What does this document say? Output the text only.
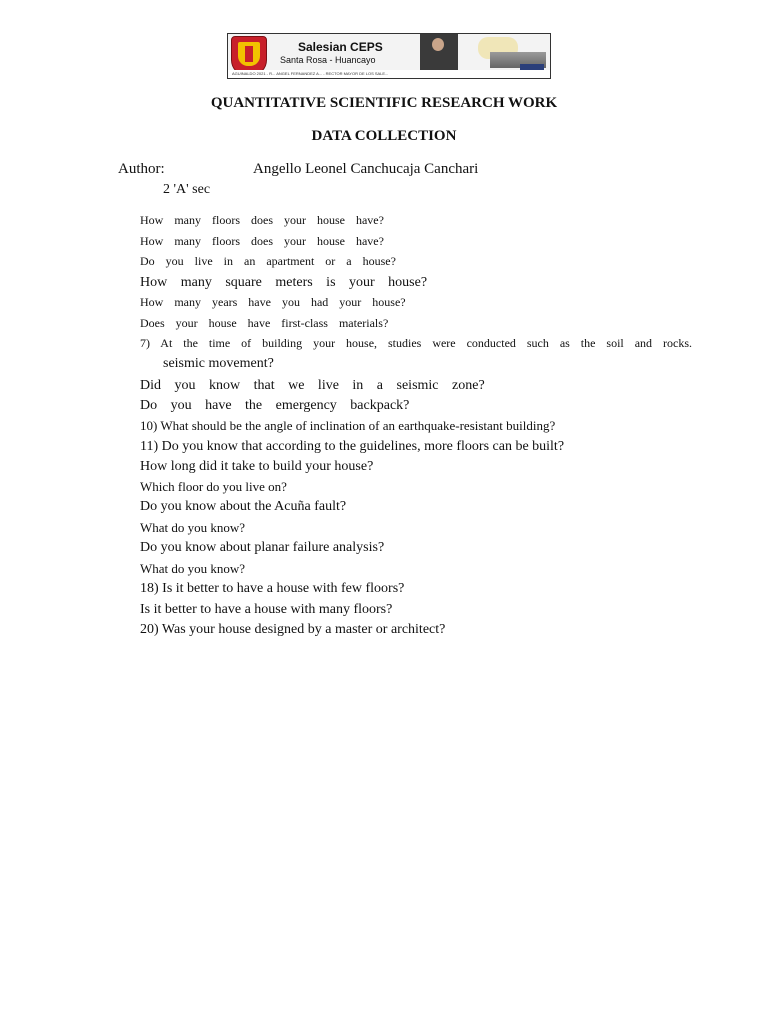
Salesian CEPS
Santa Rosa - Huancayo
AGUINALDO 2021 - R... ANGEL FERNANDEZ A... - RECTOR MAYOR DE LOS SALE...
QUANTITATIVE SCIENTIFIC RESEARCH WORK
DATA COLLECTION
Author:	Angello Leonel Canchucaja Canchari
2 'A' sec
How many floors does your house have?
How many floors does your house have?
Do you live in an apartment or a house?
How many square meters is your house?
How many years have you had your house?
Does your house have first-class materials?
7) At the time of building your house, studies were conducted such as the soil and rocks.
seismic movement?
Did you know that we live in a seismic zone?
Do you have the emergency backpack?
10) What should be the angle of inclination of an earthquake-resistant building?
11) Do you know that according to the guidelines, more floors can be built?
How long did it take to build your house?
Which floor do you live on?
Do you know about the Acuña fault?
What do you know?
Do you know about planar failure analysis?
What do you know?
18) Is it better to have a house with few floors?
Is it better to have a house with many floors?
20) Was your house designed by a master or architect?
